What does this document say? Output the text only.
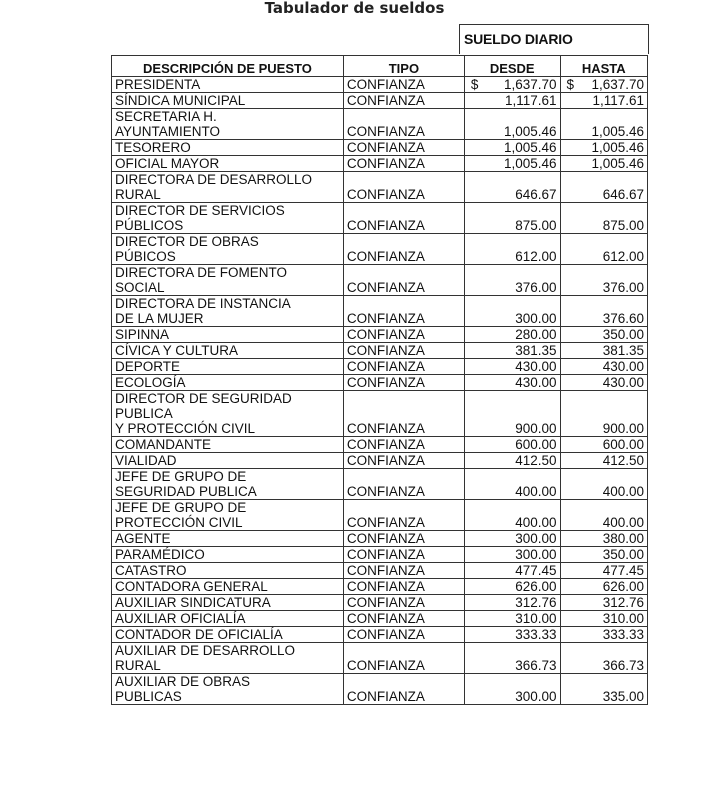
Tabulador de sueldos
SUELDO DIARIO
DESCRIPCIÓN DE PUESTO	TIPO	DESDE	HASTA
PRESIDENTA	CONFIANZA	$ 1,637.70	$ 1,637.70
SÍNDICA MUNICIPAL	CONFIANZA	1,117.61	1,117.61
SECRETARIA H.
AYUNTAMIENTO	CONFIANZA	1,005.46	1,005.46
TESORERO	CONFIANZA	1,005.46	1,005.46
OFICIAL MAYOR	CONFIANZA	1,005.46	1,005.46
DIRECTORA DE DESARROLLO
RURAL	CONFIANZA	646.67	646.67
DIRECTOR DE SERVICIOS
PÚBLICOS	CONFIANZA	875.00	875.00
DIRECTOR DE OBRAS
PÚBICOS	CONFIANZA	612.00	612.00
DIRECTORA DE FOMENTO
SOCIAL	CONFIANZA	376.00	376.00
DIRECTORA DE INSTANCIA
DE LA MUJER	CONFIANZA	300.00	376.60
SIPINNA	CONFIANZA	280.00	350.00
CÍVICA Y CULTURA	CONFIANZA	381.35	381.35
DEPORTE	CONFIANZA	430.00	430.00
ECOLOGÍA	CONFIANZA	430.00	430.00
DIRECTOR DE SEGURIDAD
PUBLICA
Y PROTECCIÓN CIVIL	CONFIANZA	900.00	900.00
COMANDANTE	CONFIANZA	600.00	600.00
VIALIDAD	CONFIANZA	412.50	412.50
JEFE DE GRUPO DE
SEGURIDAD PUBLICA	CONFIANZA	400.00	400.00
JEFE DE GRUPO DE
PROTECCIÓN CIVIL	CONFIANZA	400.00	400.00
AGENTE	CONFIANZA	300.00	380.00
PARAMÉDICO	CONFIANZA	300.00	350.00
CATASTRO	CONFIANZA	477.45	477.45
CONTADORA GENERAL	CONFIANZA	626.00	626.00
AUXILIAR SINDICATURA	CONFIANZA	312.76	312.76
AUXILIAR OFICIALÍA	CONFIANZA	310.00	310.00
CONTADOR DE OFICIALÍA	CONFIANZA	333.33	333.33
AUXILIAR DE DESARROLLO
RURAL	CONFIANZA	366.73	366.73
AUXILIAR DE OBRAS
PUBLICAS	CONFIANZA	300.00	335.00
